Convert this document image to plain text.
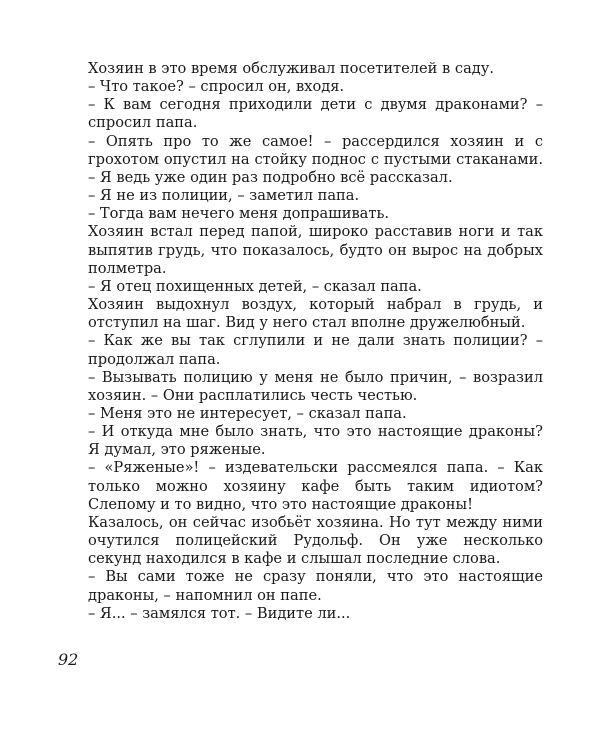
Хозяин в это время обслуживал посетителей в саду.

– Что такое? – спросил он, входя.

– К вам сегодня приходили дети с двумя драконами? – спросил папа.

– Опять про то же самое! – рассердился хозяин и с грохотом опустил на стойку поднос с пустыми стаканами. – Я ведь уже один раз подробно всё рассказал.

– Я не из полиции, – заметил папа.

– Тогда вам нечего меня допрашивать.

Хозяин встал перед папой, широко расставив ноги и так выпятив грудь, что показалось, будто он вырос на добрых полметра.

– Я отец похищенных детей, – сказал папа.

Хозяин выдохнул воздух, который набрал в грудь, и отступил на шаг. Вид у него стал вполне дружелюбный.

– Как же вы так сглупили и не дали знать полиции? – продолжал папа.

– Вызывать полицию у меня не было причин, – возразил хозяин. – Они расплатились честь честью.

– Меня это не интересует, – сказал папа.

– И откуда мне было знать, что это настоящие драконы? Я думал, это ряженые.

– «Ряженые»! – издевательски рассмеялся папа. – Как только можно хозяину кафе быть таким идиотом? Слепому и то видно, что это настоящие драконы!

Казалось, он сейчас изобьёт хозяина. Но тут между ними очутился полицейский Рудольф. Он уже несколько секунд находился в кафе и слышал последние слова.

– Вы сами тоже не сразу поняли, что это настоящие драконы, – напомнил он папе.

– Я... – замялся тот. – Видите ли...

92
